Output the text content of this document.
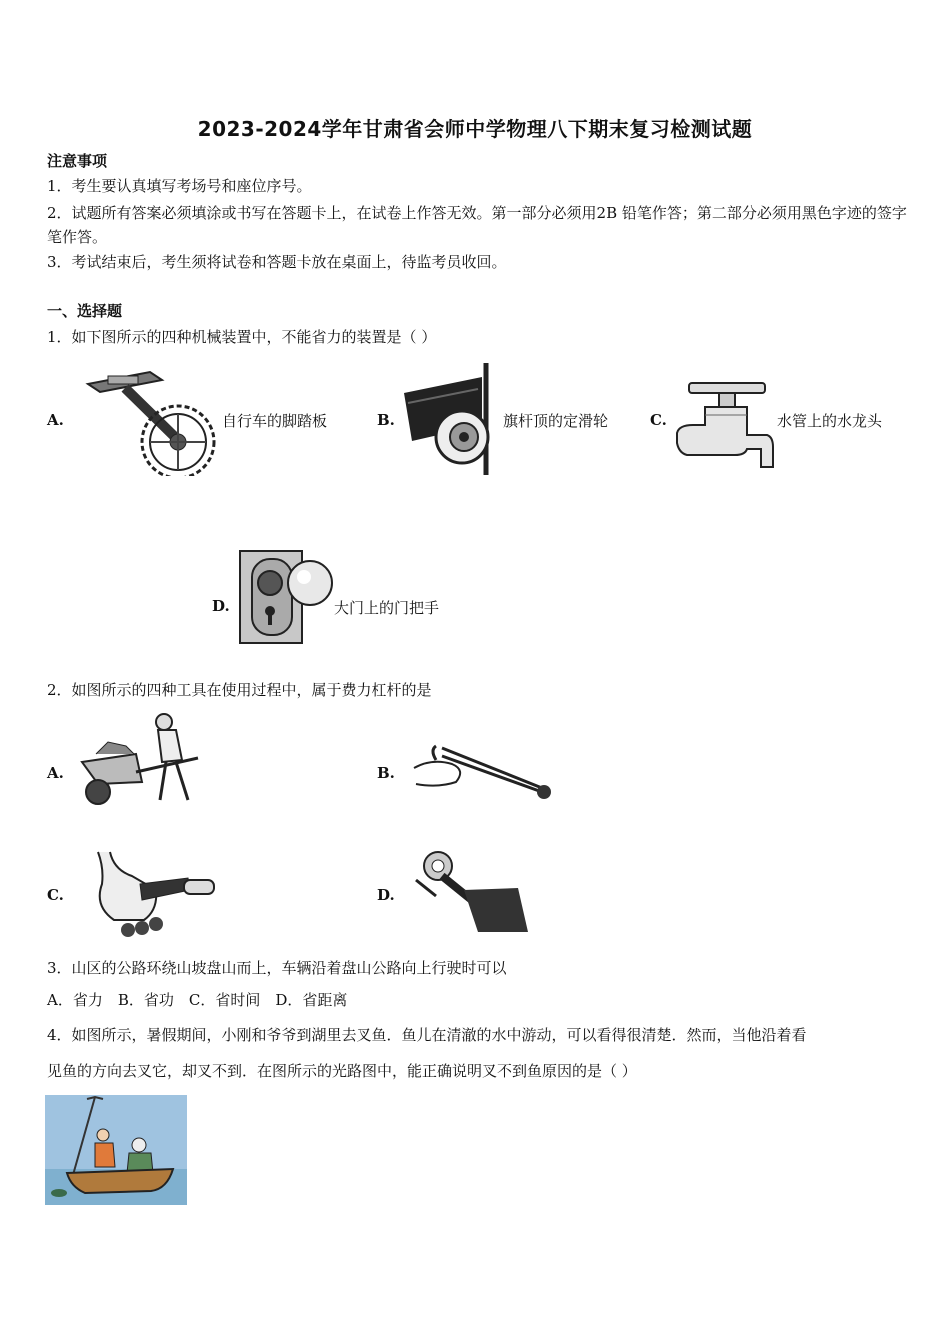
2023-2024学年甘肃省会师中学物理八下期末复习检测试题
注意事项
1．考生要认真填写考场号和座位序号。
2．试题所有答案必须填涂或书写在答题卡上，在试卷上作答无效。第一部分必须用2B 铅笔作答；第二部分必须用黑色字迹的签字笔作答。
3．考试结束后，考生须将试卷和答题卡放在桌面上，待监考员收回。
一、选择题
1．如下图所示的四种机械装置中，不能省力的装置是（ ）
A.	自行车的脚踏板	B.	旗杆顶的定滑轮	C.	水管上的水龙头
D.	大门上的门把手
2．如图所示的四种工具在使用过程中，属于费力杠杆的是
A.	B.
C.	D.
3．山区的公路环绕山坡盘山而上，车辆沿着盘山公路向上行驶时可以
A．省力　B．省功　C．省时间　D．省距离
4．如图所示，暑假期间，小刚和爷爷到湖里去叉鱼．鱼儿在清澈的水中游动，可以看得很清楚．然而，当他沿着看
见鱼的方向去叉它，却叉不到．在图所示的光路图中，能正确说明叉不到鱼原因的是（ ）
